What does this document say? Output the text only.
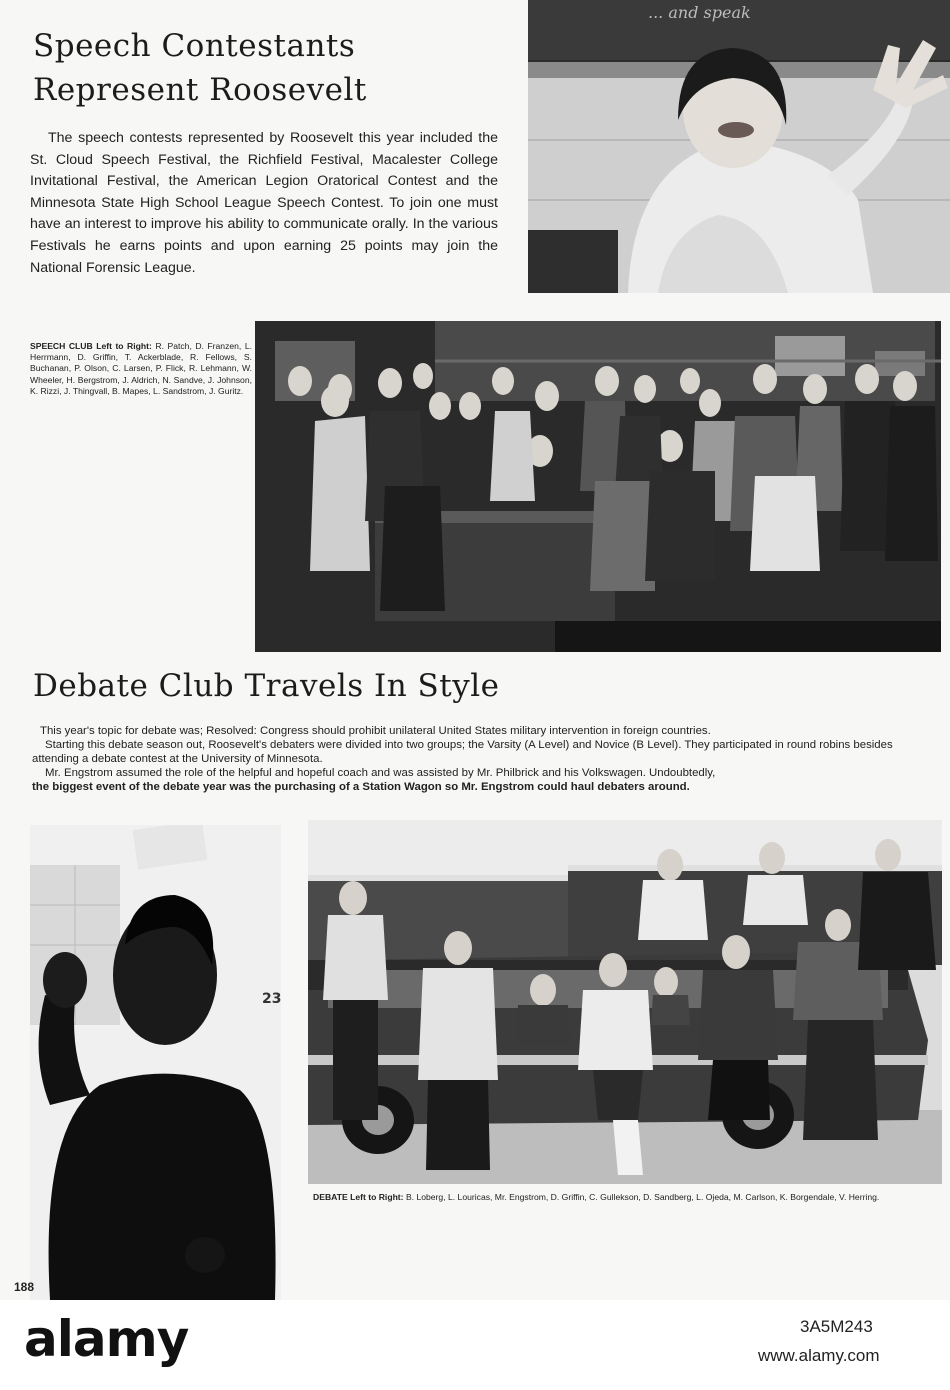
Speech Contestants
Represent Roosevelt
The speech contests represented by Roosevelt this year included the St. Cloud Speech Festival, the Richfield Festival, Macalester College Invitational Festival, the American Legion Oratorical Contest and the Minnesota State High School League Speech Contest. To join one must have an interest to improve his ability to communicate orally. In the various Festivals he earns points and upon earning 25 points may join the National Forensic League.
... and speak
SPEECH CLUB Left to Right: R. Patch, D. Franzen, L. Herrmann, D. Griffin, T. Ackerblade, R. Fellows, S. Buchanan, P. Olson, C. Larsen, P. Flick, R. Lehmann, W. Wheeler, H. Bergstrom, J. Aldrich, N. Sandve, J. Johnson, K. Rizzi, J. Thingvall, B. Mapes, L. Sandstrom, J. Guritz.
Debate Club Travels In Style

This year's topic for debate was; Resolved: Congress should prohibit unilateral United States military intervention in foreign countries.

Starting this debate season out, Roosevelt's debaters were divided into two groups; the Varsity (A Level) and Novice (B Level). They participated in round robins besides attending a debate contest at the University of Minnesota.

Mr. Engstrom assumed the role of the helpful and hopeful coach and was assisted by Mr. Philbrick and his Volkswagen. Undoubtedly,

the biggest event of the debate year was the purchasing of a Station Wagon so Mr. Engstrom could haul debaters around.

23
DEBATE Left to Right: B. Loberg, L. Louricas, Mr. Engstrom, D. Griffin, C. Gullekson, D. Sandberg, L. Ojeda, M. Carlson, K. Borgendale, V. Herring.
188
alamy	3A5M243
www.alamy.com
